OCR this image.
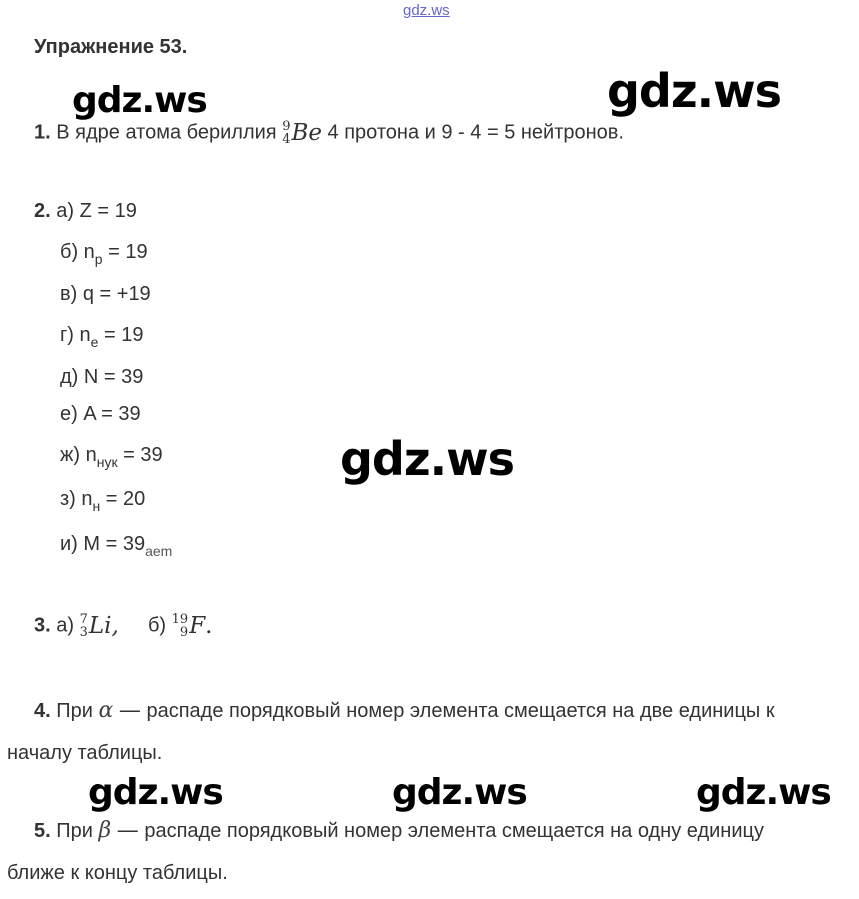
gdz.ws
Упражнение 53.
gdz.ws	gdz.ws
gdz.ws
gdz.ws	gdz.ws	gdz.ws
1. В ядре атома бериллия 9
4 Be 4 протона и 9 - 4 = 5 нейтронов.
2. а) Z = 19
б) $n_p = 19$
в) q = +19
г) $n_e = 19$
д) N = 39
е) A = 39
ж) $n_{нук} = 39$
з) $n_н = 20$
и) $M = 39_{aem}$
3. а) 7
3 Li, б) 19
9 F.
4. При α — распаде порядковый номер элемента смещается на две единицы к
началу таблицы.
5. При β — распаде порядковый номер элемента смещается на одну единицу
ближе к концу таблицы.
